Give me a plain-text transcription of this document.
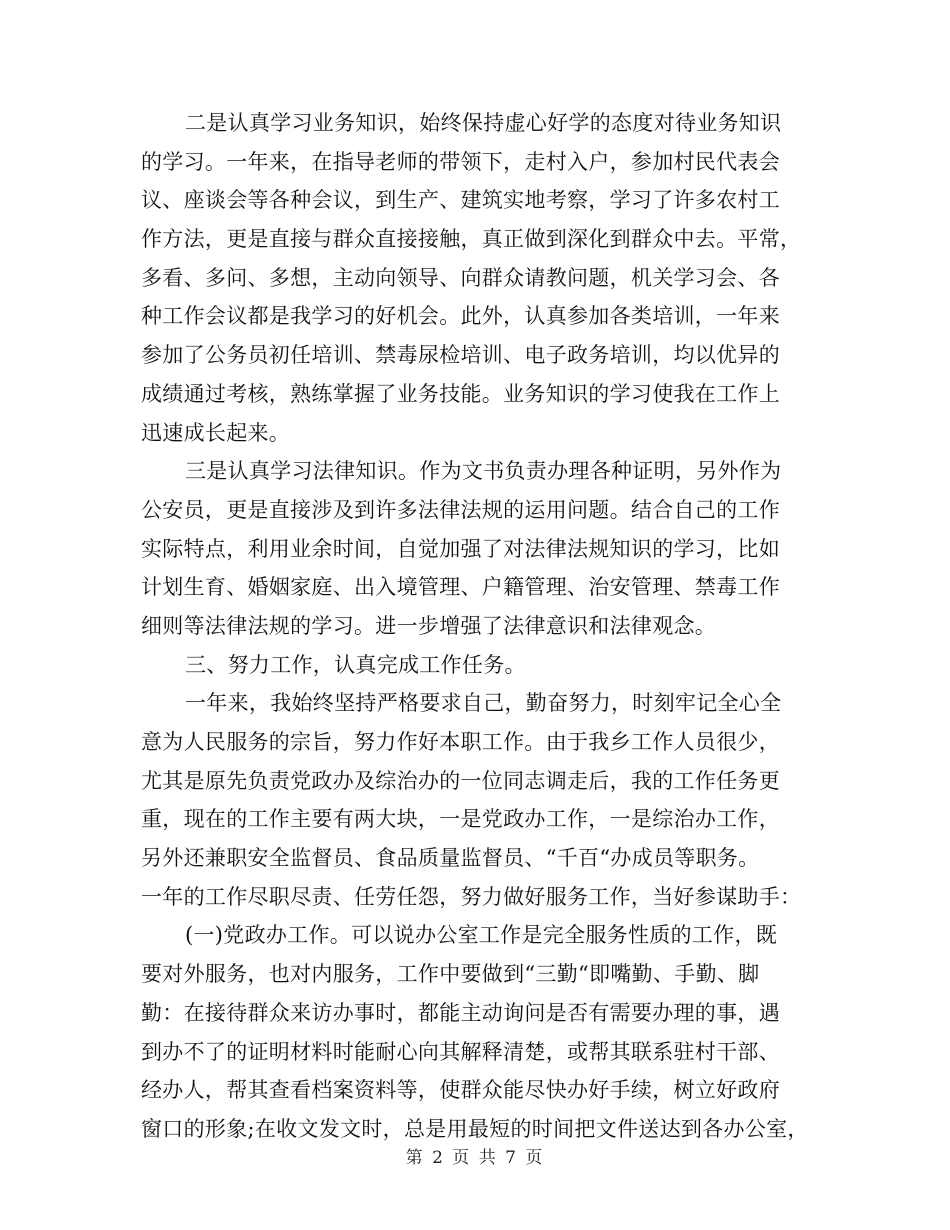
二是认真学习业务知识，始终保持虚心好学的态度对待业务知识
的学习。一年来，在指导老师的带领下，走村入户，参加村民代表会
议、座谈会等各种会议，到生产、建筑实地考察，学习了许多农村工
作方法，更是直接与群众直接接触，真正做到深化到群众中去。平常，
多看、多问、多想，主动向领导、向群众请教问题，机关学习会、各
种工作会议都是我学习的好机会。此外，认真参加各类培训，一年来
参加了公务员初任培训、禁毒尿检培训、电子政务培训，均以优异的
成绩通过考核，熟练掌握了业务技能。业务知识的学习使我在工作上
迅速成长起来。
三是认真学习法律知识。作为文书负责办理各种证明，另外作为
公安员，更是直接涉及到许多法律法规的运用问题。结合自己的工作
实际特点，利用业余时间，自觉加强了对法律法规知识的学习，比如
计划生育、婚姻家庭、出入境管理、户籍管理、治安管理、禁毒工作
细则等法律法规的学习。进一步增强了法律意识和法律观念。
三、努力工作，认真完成工作任务。
一年来，我始终坚持严格要求自己，勤奋努力，时刻牢记全心全
意为人民服务的宗旨，努力作好本职工作。由于我乡工作人员很少，
尤其是原先负责党政办及综治办的一位同志调走后，我的工作任务更
重，现在的工作主要有两大块，一是党政办工作，一是综治办工作，
另外还兼职安全监督员、食品质量监督员、“千百“办成员等职务。
一年的工作尽职尽责、任劳任怨，努力做好服务工作，当好参谋助手：
(一)党政办工作。可以说办公室工作是完全服务性质的工作，既
要对外服务，也对内服务，工作中要做到“三勤“即嘴勤、手勤、脚
勤：在接待群众来访办事时，都能主动询问是否有需要办理的事，遇
到办不了的证明材料时能耐心向其解释清楚，或帮其联系驻村干部、
经办人，帮其查看档案资料等，使群众能尽快办好手续，树立好政府
窗口的形象;在收文发文时，总是用最短的时间把文件送达到各办公室，
第 2 页 共 7 页
